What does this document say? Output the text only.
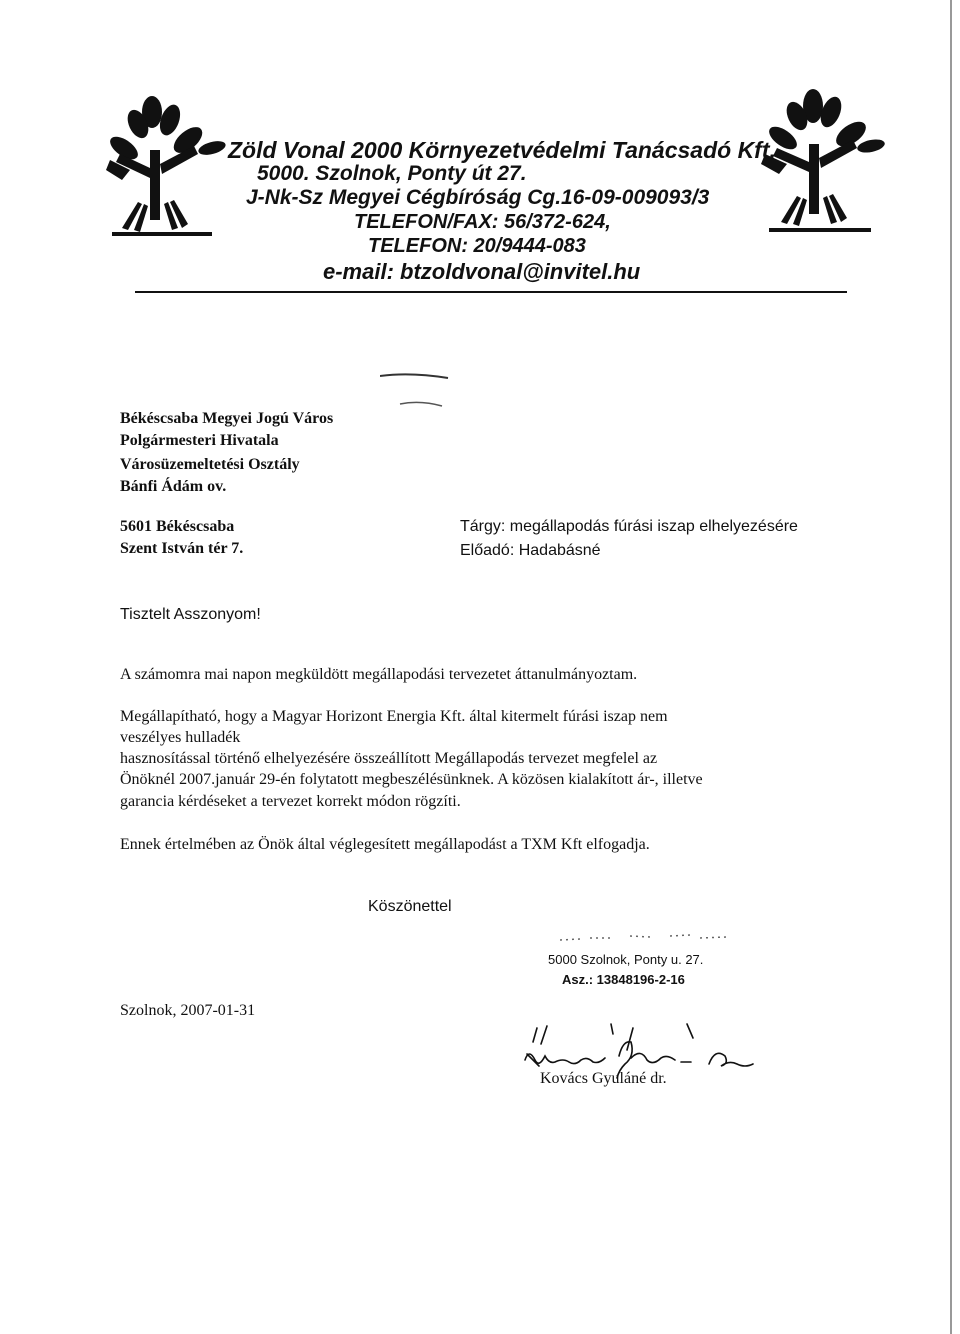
Zöld Vonal 2000 Környezetvédelmi Tanácsadó Kft.
5000. Szolnok, Ponty út 27.
J-Nk-Sz Megyei Cégbíróság Cg.16-09-009093/3
TELEFON/FAX: 56/372-624,
TELEFON: 20/9444-083
e-mail: btzoldvonal@invitel.hu
Békéscsaba Megyei Jogú Város
Polgármesteri Hivatala
Városüzemeltetési Osztály
Bánfi Ádám ov.
5601 Békéscsaba
Szent István tér 7.
Tárgy: megállapodás fúrási iszap elhelyezésére
Előadó: Hadabásné
Tisztelt Asszonyom!
A számomra mai napon megküldött megállapodási tervezetet áttanulmányoztam.
Megállapítható, hogy a Magyar Horizont Energia Kft. által kitermelt fúrási iszap nem
veszélyes hulladék
hasznosítással történő elhelyezésére összeállított Megállapodás tervezet megfelel az
Önöknél 2007.január 29-én folytatott megbeszélésünknek. A közösen kialakított ár-, illetve
garancia kérdéseket a tervezet korrekt módon rögzíti.
Ennek értelmében az Önök által véglegesített megállapodást a TXM Kft elfogadja.
Köszönettel
5000 Szolnok, Ponty u. 27.
Asz.: 13848196-2-16
Szolnok, 2007-01-31
Kovács Gyuláné dr.
